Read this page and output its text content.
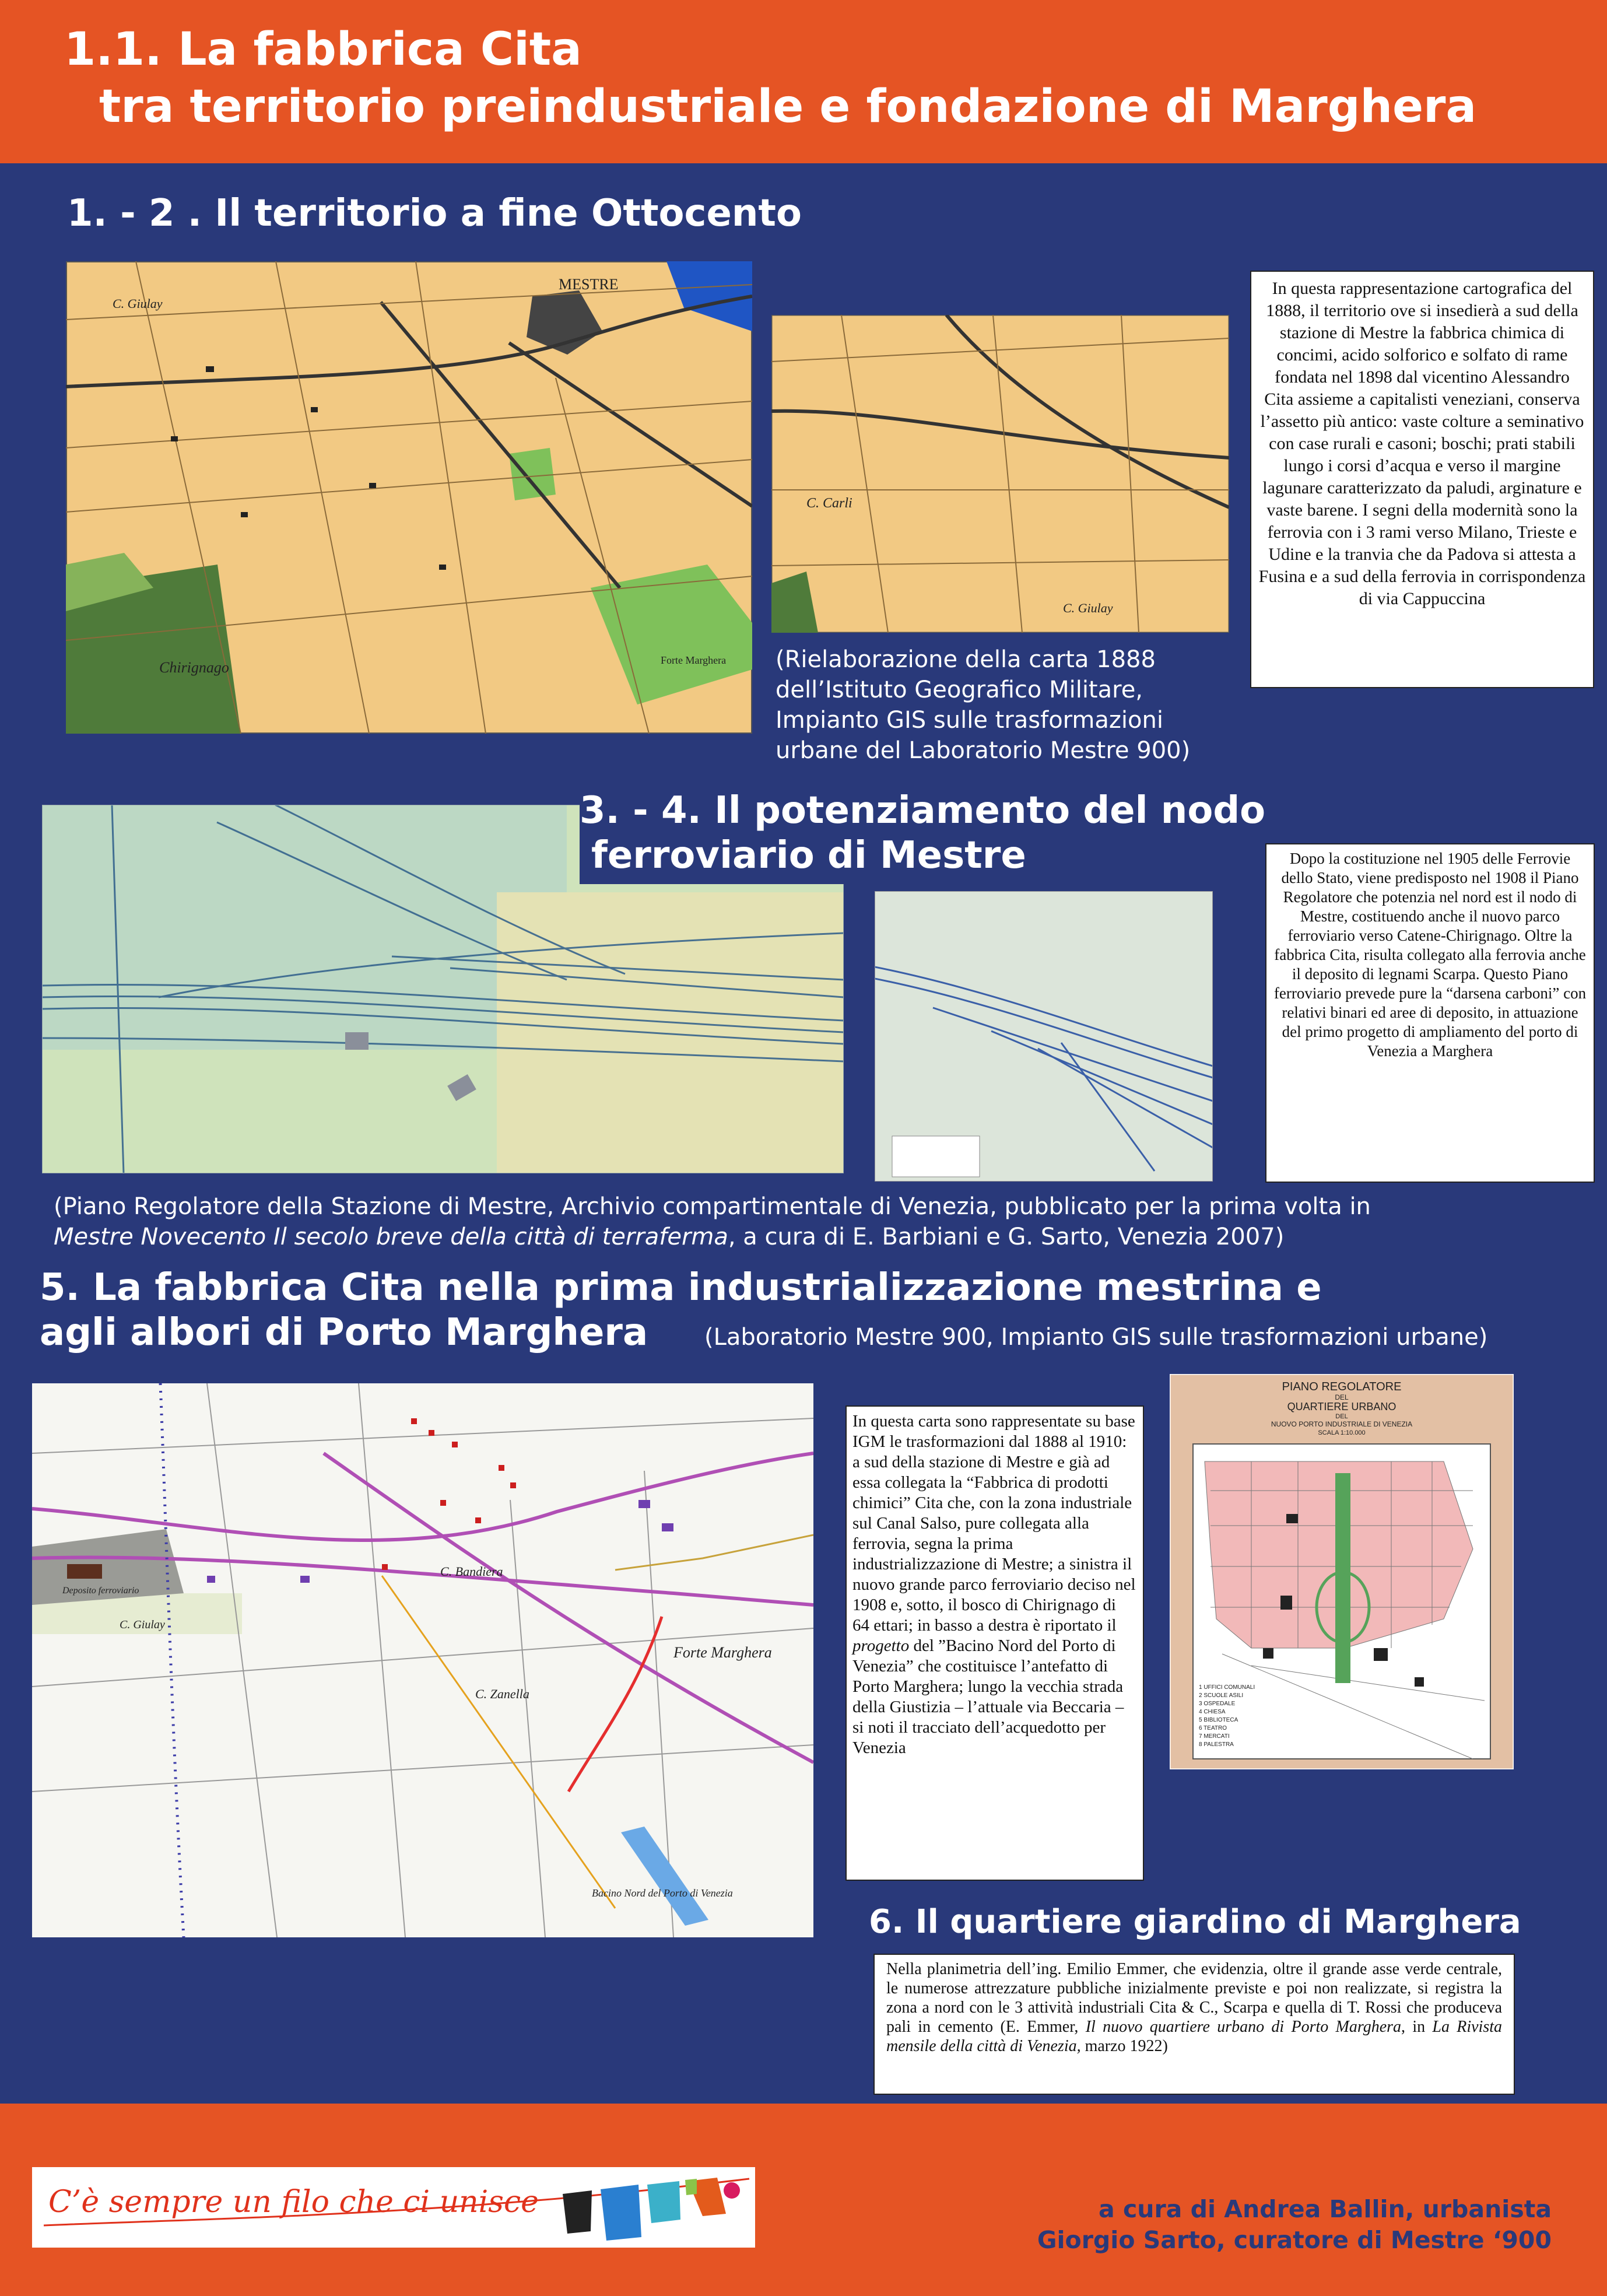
1.1. La fabbrica Cita
tra territorio preindustriale e fondazione di Marghera
1. - 2 . Il territorio a fine Ottocento
MESTRE
C. Giulay
Forte Marghera
Chirignago
C. Carli
C. Giulay
(Rielaborazione della carta 1888
dell’Istituto Geografico Militare,
Impianto GIS sulle trasformazioni
urbane del Laboratorio Mestre 900)
In questa rappresentazione cartografica del 1888, il territorio ove si insedierà a sud della stazione di Mestre la fabbrica chimica di concimi, acido solforico e solfato di rame fondata nel 1898 dal vicentino Alessandro Cita assieme a capitalisti veneziani, conserva l’assetto più antico: vaste colture a seminativo con case rurali e casoni; boschi; prati stabili lungo i corsi d’acqua e verso il margine lagunare caratterizzato da paludi, arginature e vaste barene. I segni della modernità sono la ferrovia con i 3 rami verso Milano, Trieste e Udine e la tranvia che da Padova si attesta a Fusina e a sud della ferrovia in corrispondenza di via Cappuccina
3. - 4. Il potenziamento del nodo
ferroviario di Mestre	Dopo la costituzione nel 1905 delle Ferrovie dello Stato, viene predisposto nel 1908 il Piano Regolatore che potenzia nel nord est il nodo di Mestre, costituendo anche il nuovo parco ferroviario verso Catene-Chirignago. Oltre la fabbrica Cita, risulta collegato alla ferrovia anche il deposito di legnami Scarpa. Questo Piano ferroviario prevede pure la “darsena carboni” con relativi binari ed aree di deposito, in attuazione del primo progetto di ampliamento del porto di Venezia a Marghera
(Piano Regolatore della Stazione di Mestre, Archivio compartimentale di Venezia, pubblicato per la prima volta in
Mestre Novecento Il secolo breve della città di terraferma, a cura di E. Barbiani e G. Sarto, Venezia 2007)
5. La fabbrica Cita nella prima industrializzazione mestrina e
agli albori di Porto Marghera	(Laboratorio Mestre 900, Impianto GIS sulle trasformazioni urbane)
Deposito ferroviario
C. Bandiera
Forte Marghera
C. Zanella
Bacino Nord del Porto di Venezia
C. Giulay
In questa carta sono rappresentate su base IGM le trasformazioni dal 1888 al 1910: a sud della stazione di Mestre e già ad essa collegata la “Fabbrica di prodotti chimici” Cita che, con la zona industriale sul Canal Salso, pure collegata alla ferrovia, segna la prima industrializzazione di Mestre; a sinistra il nuovo grande parco ferroviario deciso nel 1908 e, sotto, il bosco di Chirignago di 64 ettari; in basso a destra è riportato il progetto del ”Bacino Nord del Porto di Venezia” che costituisce l’antefatto di Porto Marghera; lungo la vecchia strada della Giustizia – l’attuale via Beccaria – si noti il tracciato dell’acquedotto per Venezia
PIANO REGOLATORE
DEL
QUARTIERE URBANO
DEL
NUOVO PORTO INDUSTRIALE DI VENEZIA
SCALA 1:10.000
1 UFFICI COMUNALI
2 SCUOLE ASILI
3 OSPEDALE
4 CHIESA
5 BIBLIOTECA
6 TEATRO
7 MERCATI
8 PALESTRA
6. Il quartiere giardino di Marghera
Nella planimetria dell’ing. Emilio Emmer, che evidenzia, oltre il grande asse verde centrale, le numerose attrezzature pubbliche inizialmente previste e poi non realizzate, si registra la zona a nord con le 3 attività industriali Cita & C., Scarpa e quella di T. Rossi che produceva pali in cemento (E. Emmer, Il nuovo quartiere urbano di Porto Marghera, in La Rivista mensile della città di Venezia, marzo 1922)
C’è sempre un filo che ci unisce	a cura di Andrea Ballin, urbanista
Giorgio Sarto, curatore di Mestre ‘900
